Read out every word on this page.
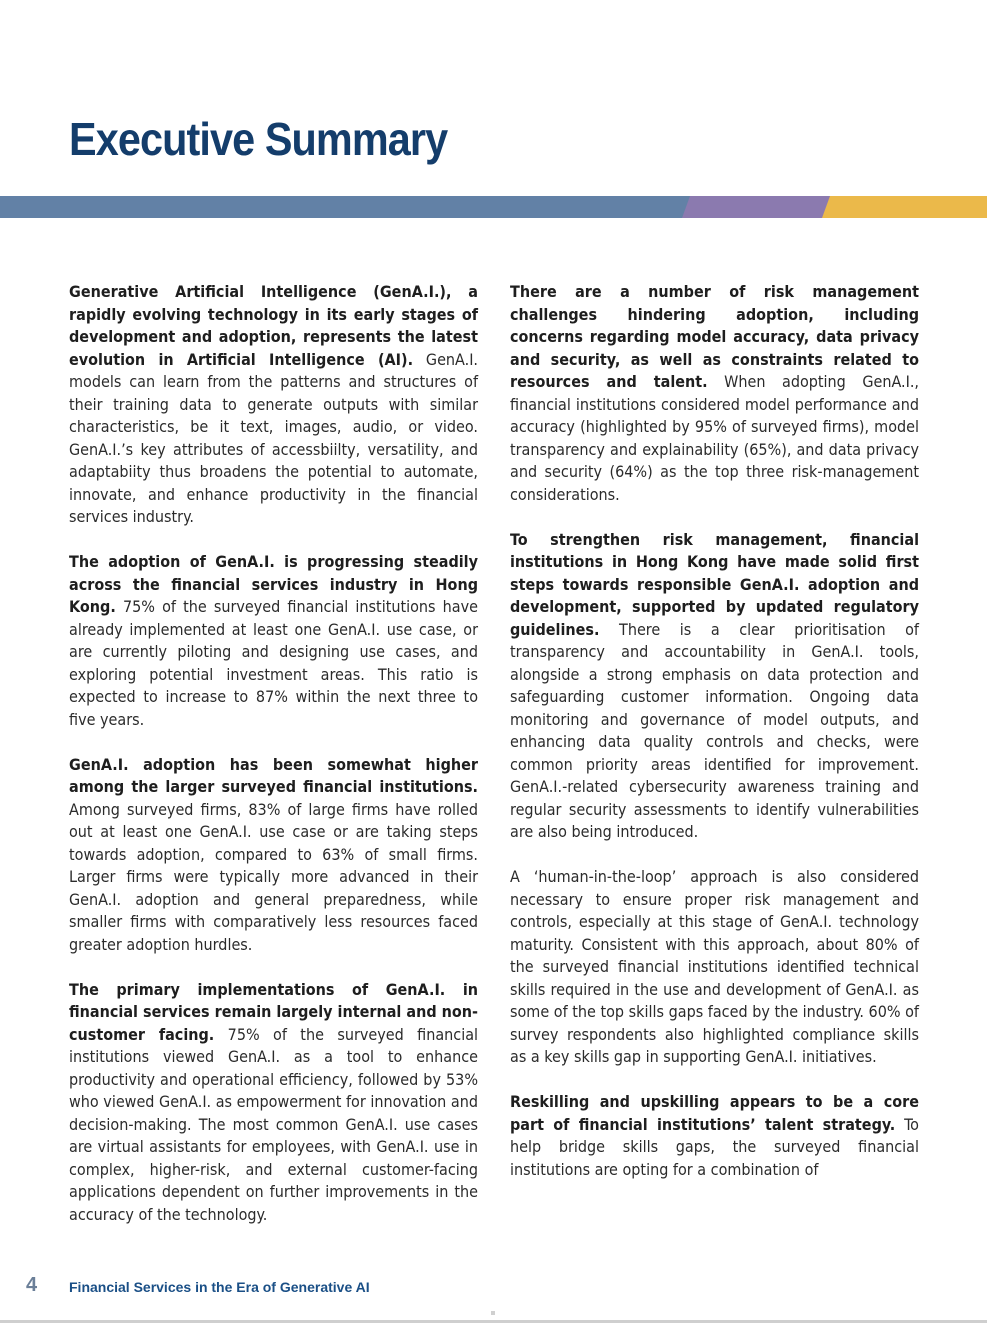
Executive Summary

Generative Artificial Intelligence (GenA.I.), a rapidly evolving technology in its early stages of development and adoption, represents the latest evolution in Artificial Intelligence (AI). GenA.I. models can learn from the patterns and structures of their training data to generate outputs with similar characteristics, be it text, images, audio, or video. GenA.I.’s key attributes of accessbiilty, versatility, and adaptabiity thus broadens the potential to automate, innovate, and enhance productivity in the financial services industry.

The adoption of GenA.I. is progressing steadily across the financial services industry in Hong Kong. 75% of the surveyed financial institutions have already implemented at least one GenA.I. use case, or are currently piloting and designing use cases, and exploring potential investment areas. This ratio is expected to increase to 87% within the next three to five years.

GenA.I. adoption has been somewhat higher among the larger surveyed financial institutions. Among surveyed firms, 83% of large firms have rolled out at least one GenA.I. use case or are taking steps towards adoption, compared to 63% of small firms. Larger firms were typically more advanced in their GenA.I. adoption and general preparedness, while smaller firms with comparatively less resources faced greater adoption hurdles.

The primary implementations of GenA.I. in financial services remain largely internal and non-customer facing. 75% of the surveyed financial institutions viewed GenA.I. as a tool to enhance productivity and operational efficiency, followed by 53% who viewed GenA.I. as empowerment for innovation and decision-making. The most common GenA.I. use cases are virtual assistants for employees, with GenA.I. use in complex, higher-risk, and external customer-facing applications dependent on further improvements in the accuracy of the technology.

There are a number of risk management challenges hindering adoption, including concerns regarding model accuracy, data privacy and security, as well as constraints related to resources and talent. When adopting GenA.I., financial institutions considered model performance and accuracy (highlighted by 95% of surveyed firms), model transparency and explainability (65%), and data privacy and security (64%) as the top three risk-management considerations.

To strengthen risk management, financial institutions in Hong Kong have made solid first steps towards responsible GenA.I. adoption and development, supported by updated regulatory guidelines. There is a clear prioritisation of transparency and accountability in GenA.I. tools, alongside a strong emphasis on data protection and safeguarding customer information. Ongoing data monitoring and governance of model outputs, and enhancing data quality controls and checks, were common priority areas identified for improvement. GenA.I.-related cybersecurity awareness training and regular security assessments to identify vulnerabilities are also being introduced.

A ‘human-in-the-loop’ approach is also considered necessary to ensure proper risk management and controls, especially at this stage of GenA.I. technology maturity. Consistent with this approach, about 80% of the surveyed financial institutions identified technical skills required in the use and development of GenA.I. as some of the top skills gaps faced by the industry. 60% of survey respondents also highlighted compliance skills as a key skills gap in supporting GenA.I. initiatives.

Reskilling and upskilling appears to be a core part of financial institutions’ talent strategy. To help bridge skills gaps, the surveyed financial institutions are opting for a combination of

4 Financial Services in the Era of Generative AI
